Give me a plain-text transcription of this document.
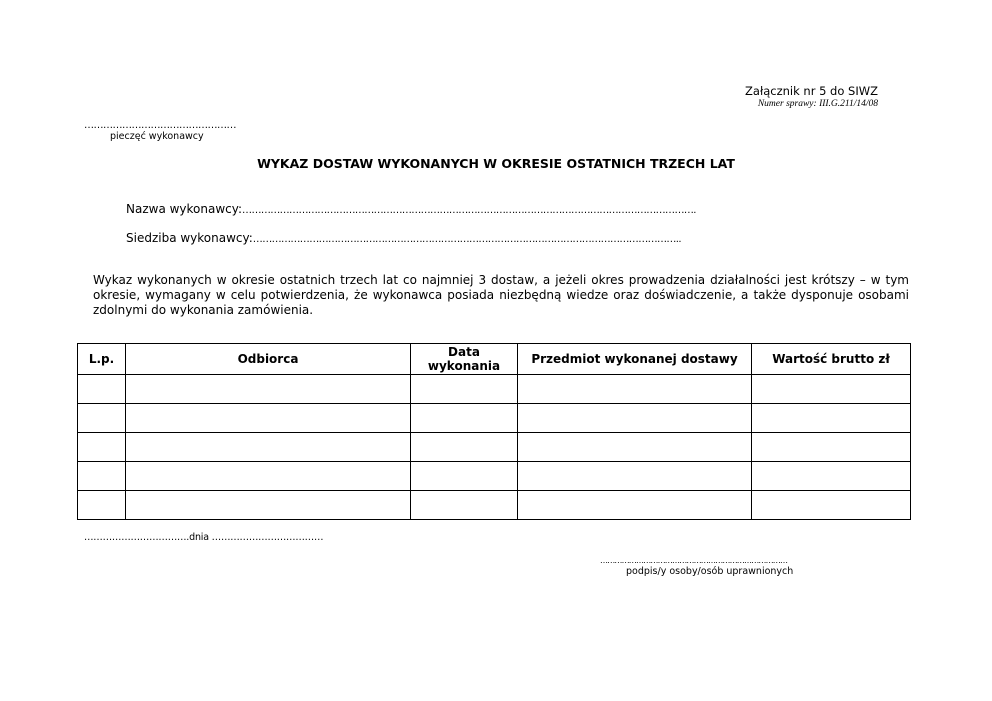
Załącznik nr 5 do SIWZ
Numer sprawy: III.G.211/14/08
…………………………………………
pieczęć wykonawcy
WYKAZ DOSTAW WYKONANYCH W OKRESIE OSTATNICH TRZECH LAT
Nazwa wykonawcy:……………………………………………………………………………………………………………………………….
Siedziba wykonawcy:………………………………………………………………………………………………………………………..
Wykaz wykonanych w okresie ostatnich trzech lat co najmniej 3 dostaw, a jeżeli okres prowadzenia działalności jest krótszy – w tym okresie, wymagany w celu potwierdzenia, że wykonawca posiada niezbędną wiedze oraz doświadczenie, a także dysponuje osobami zdolnymi do wykonania zamówienia.
L.p.	Odbiorca	Data wykonania	Przedmiot wykonanej dostawy	Wartość brutto zł

…………………………….dnia ………………………………
……………………………………………………………………
podpis/y osoby/osób uprawnionych
